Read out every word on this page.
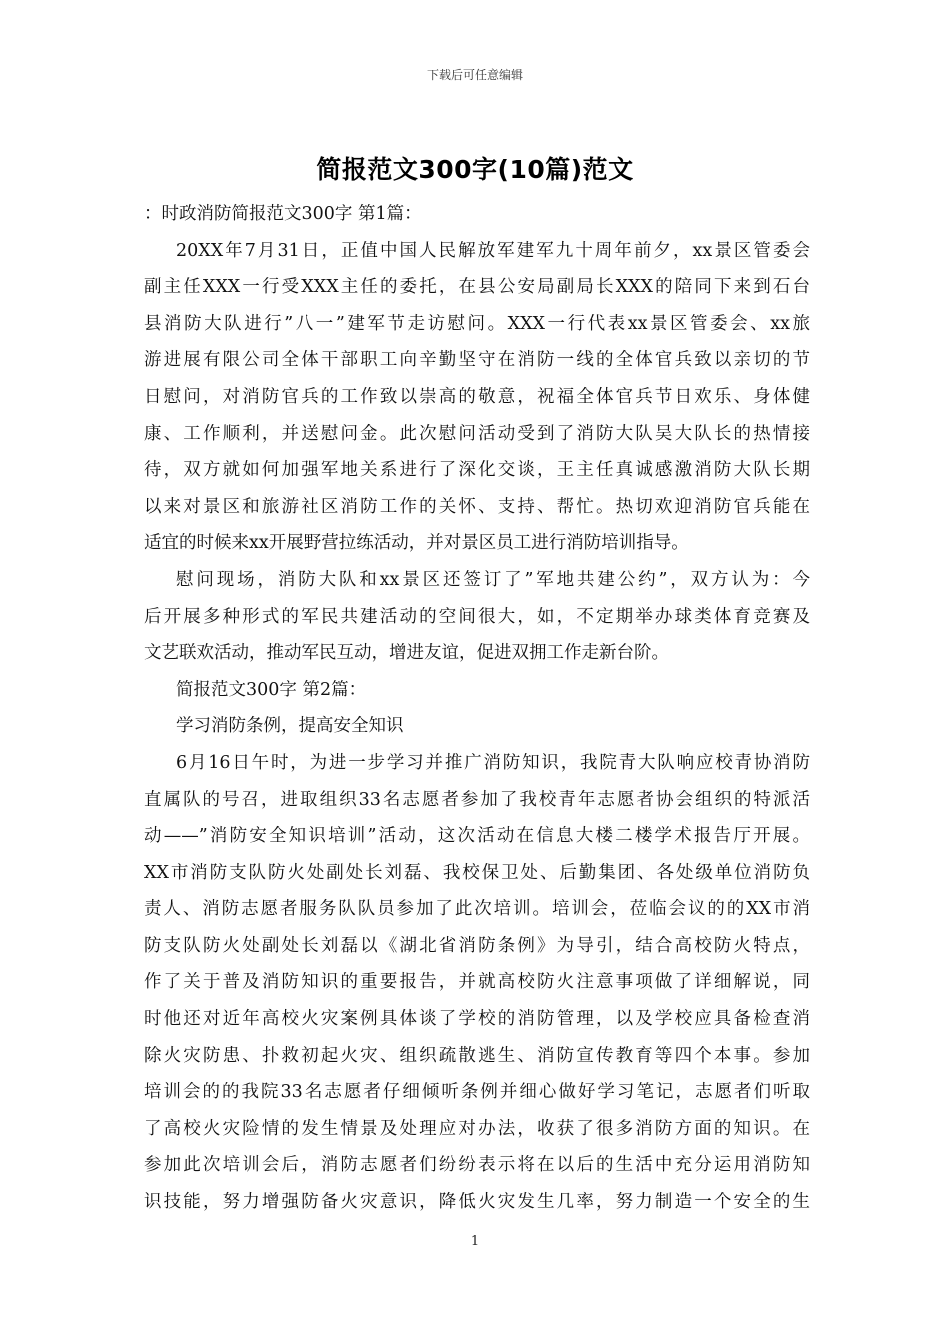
下载后可任意编辑
简报范文300字(10篇)范文
：时政消防简报范文300字 第1篇：
20XX年7月31日，正值中国人民解放军建军九十周年前夕，xx景区管委会
副主任XXX一行受XXX主任的委托，在县公安局副局长XXX的陪同下来到石台
县消防大队进行”八一”建军节走访慰问。XXX一行代表xx景区管委会、xx旅
游进展有限公司全体干部职工向辛勤坚守在消防一线的全体官兵致以亲切的节
日慰问，对消防官兵的工作致以崇高的敬意，祝福全体官兵节日欢乐、身体健
康、工作顺利，并送慰问金。此次慰问活动受到了消防大队吴大队长的热情接
待，双方就如何加强军地关系进行了深化交谈，王主任真诚感激消防大队长期
以来对景区和旅游社区消防工作的关怀、支持、帮忙。热切欢迎消防官兵能在
适宜的时候来xx开展野营拉练活动，并对景区员工进行消防培训指导。
慰问现场，消防大队和xx景区还签订了”军地共建公约”，双方认为：今
后开展多种形式的军民共建活动的空间很大，如，不定期举办球类体育竞赛及
文艺联欢活动，推动军民互动，增进友谊，促进双拥工作走新台阶。
简报范文300字 第2篇：
学习消防条例，提高安全知识
6月16日午时，为进一步学习并推广消防知识，我院青大队响应校青协消防
直属队的号召，进取组织33名志愿者参加了我校青年志愿者协会组织的特派活
动——”消防安全知识培训”活动，这次活动在信息大楼二楼学术报告厅开展。
XX市消防支队防火处副处长刘磊、我校保卫处、后勤集团、各处级单位消防负
责人、消防志愿者服务队队员参加了此次培训。培训会，莅临会议的的XX市消
防支队防火处副处长刘磊以《湖北省消防条例》为导引，结合高校防火特点，
作了关于普及消防知识的重要报告，并就高校防火注意事项做了详细解说，同
时他还对近年高校火灾案例具体谈了学校的消防管理，以及学校应具备检查消
除火灾防患、扑救初起火灾、组织疏散逃生、消防宣传教育等四个本事。参加
培训会的的我院33名志愿者仔细倾听条例并细心做好学习笔记，志愿者们听取
了高校火灾险情的发生情景及处理应对办法，收获了很多消防方面的知识。在
参加此次培训会后，消防志愿者们纷纷表示将在以后的生活中充分运用消防知
识技能，努力增强防备火灾意识，降低火灾发生几率，努力制造一个安全的生
1
